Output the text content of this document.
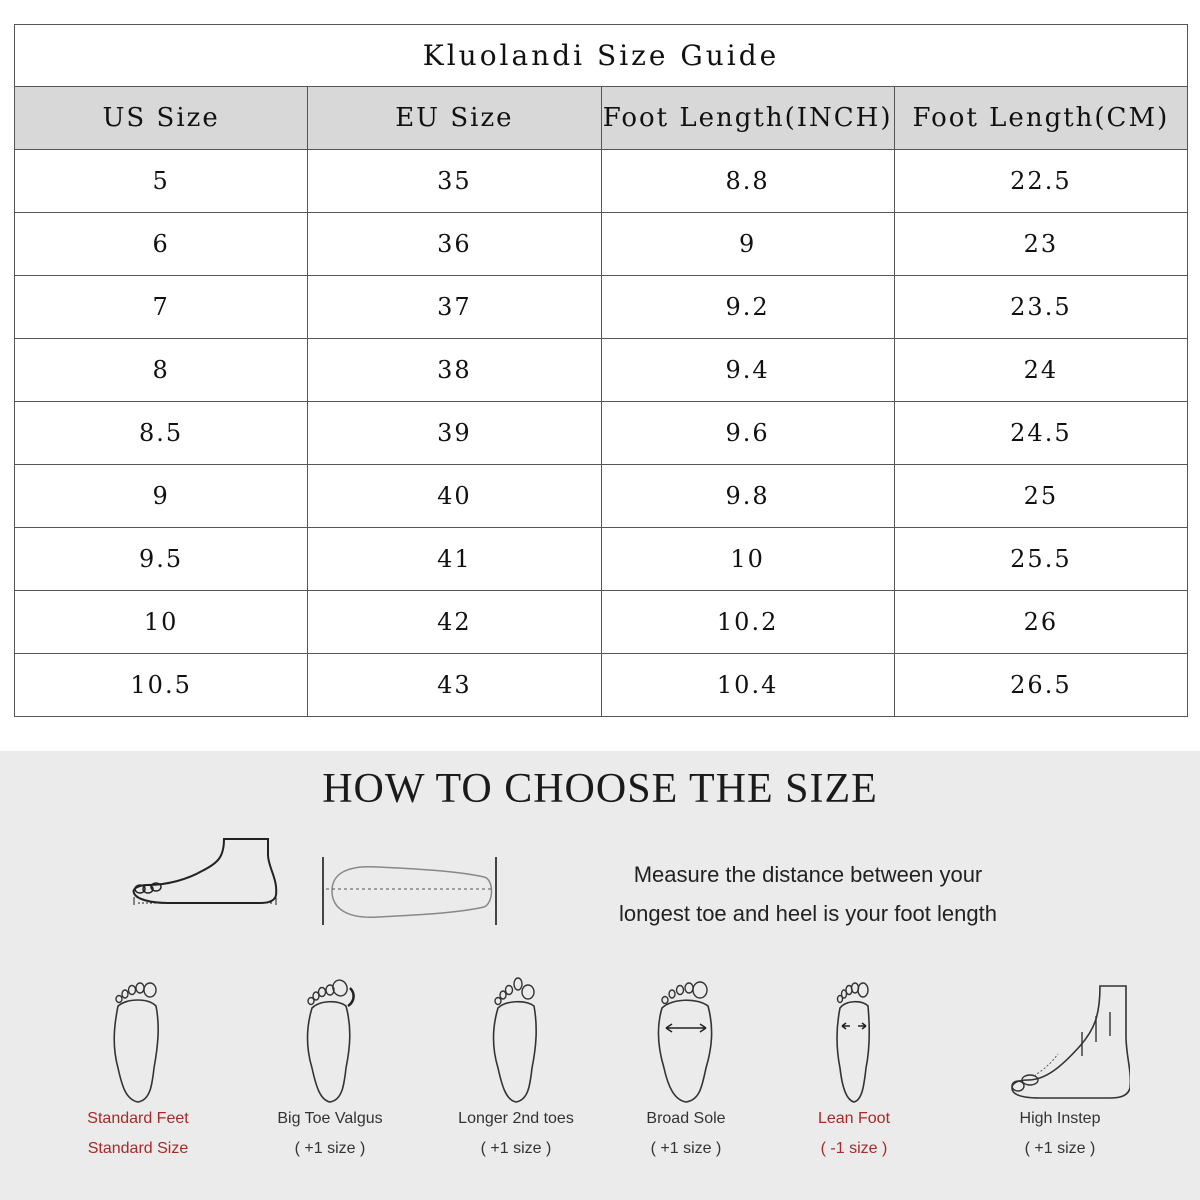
Kluolandi Size Guide			
US Size	EU Size	Foot Length(INCH)	Foot Length(CM)
5	35	8.8	22.5
6	36	9	23
7	37	9.2	23.5
8	38	9.4	24
8.5	39	9.6	24.5
9	40	9.8	25
9.5	41	10	25.5
10	42	10.2	26
10.5	43	10.4	26.5
HOW TO CHOOSE THE SIZE
Measure the distance between your
longest toe and heel is your foot length
Standard Feet
Standard Size
Big Toe Valgus
( +1 size )
Longer 2nd toes
( +1 size )
Broad Sole
( +1 size )
Lean Foot
( -1 size )
High Instep
( +1 size )
